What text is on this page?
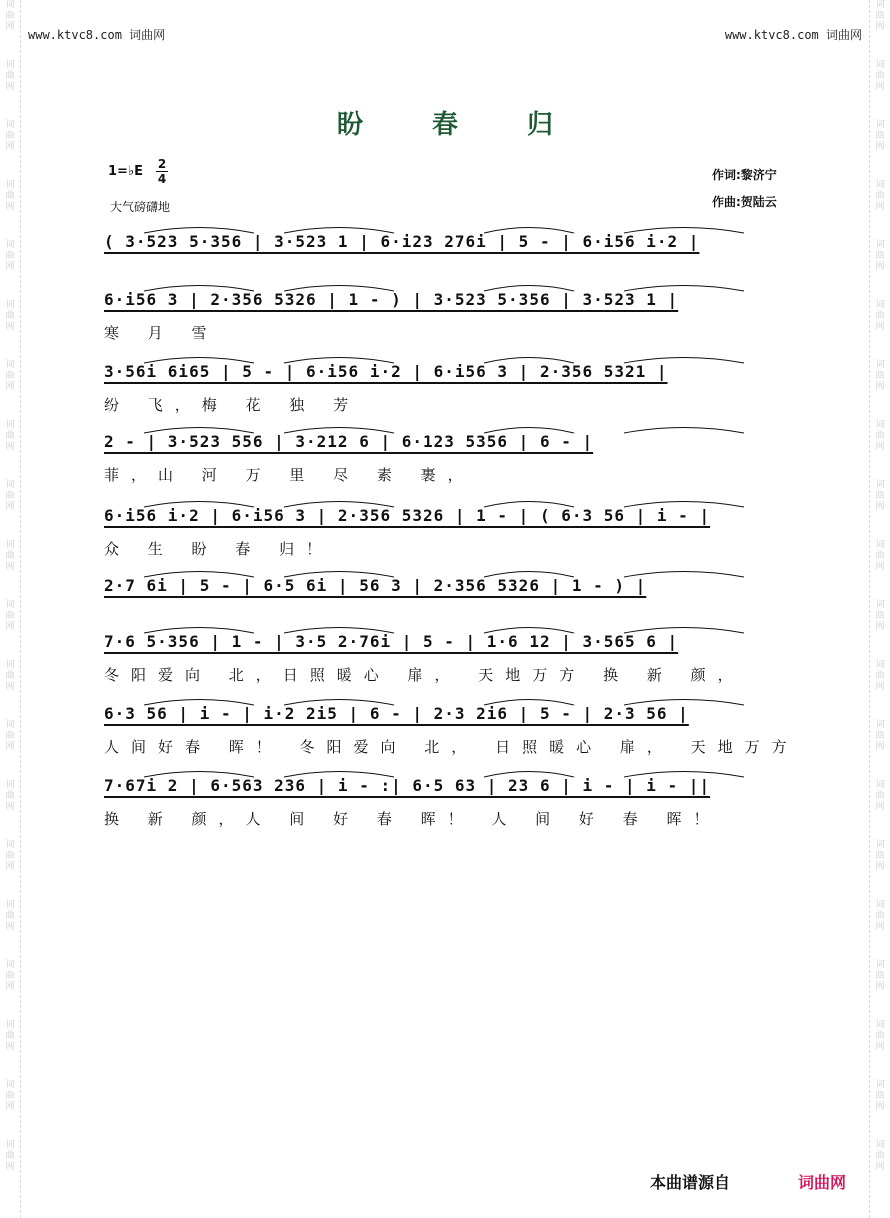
词
曲
网
词
曲
网
词
曲
网
词
曲
网
词
曲
网
词
曲
网
词
曲
网
词
曲
网
词
曲
网
词
曲
网
词
曲
网
词
曲
网
词
曲
网
词
曲
网
词
曲
网
词
曲
网
词
曲
网
词
曲
网
词
曲
网
词
曲
网
词
曲
网
词
曲
网
词
曲
网
词
曲
网
词
曲
网
词
曲
网
词
曲
网
词
曲
网
词
曲
网
词
曲
网
词
曲
网
词
曲
网
词
曲
网
词
曲
网
词
曲
网
词
曲
网
词
曲
网
词
曲
网
词
曲
网
词
曲
网
www.ktvc8.com 词曲网	www.ktvc8.com 词曲网
盼 春 归
1=♭E 2
4
大气磅礴地
作词:黎济宁
作曲:贺陆云
( 3·523 5·356 | 3·523 1 | 6·i23 276i | 5 - | 6·i56 i·2 |
6·i56 3 | 2·356 5326 | 1 - ) | 3·523 5·356 | 3·523 1 |
寒 月 雪
3·56i 6i65 | 5 - | 6·i56 i·2 | 6·i56 3 | 2·356 5321 |
纷 飞，梅 花 独 芳
2 - | 3·523 556 | 3·212 6 | 6·123 5356 | 6 - |
菲，山 河 万 里 尽 素 裹，
6·i56 i·2 | 6·i56 3 | 2·356 5326 | 1 - | ( 6·3 56 | i - |
众 生 盼 春 归！
2·7 6i | 5 - | 6·5 6i | 56 3 | 2·356 5326 | 1 - ) |
7·6 5·356 | 1 - | 3·5 2·76i | 5 - | 1·6 12 | 3·565 6 |
冬阳爱向 北，日照暖心 扉， 天地万方 换 新 颜，
6·3 56 | i - | i·2 2i5 | 6 - | 2·3 2i6 | 5 - | 2·3 56 |
人间好春 晖！ 冬阳爱向 北， 日照暖心 扉， 天地万方
7·67i 2 | 6·563 236 | i - :| 6·5 63 | 23 6 | i - | i - ||
换 新 颜，人 间 好 春 晖！ 人 间 好 春 晖！
本曲谱源自	词曲网
